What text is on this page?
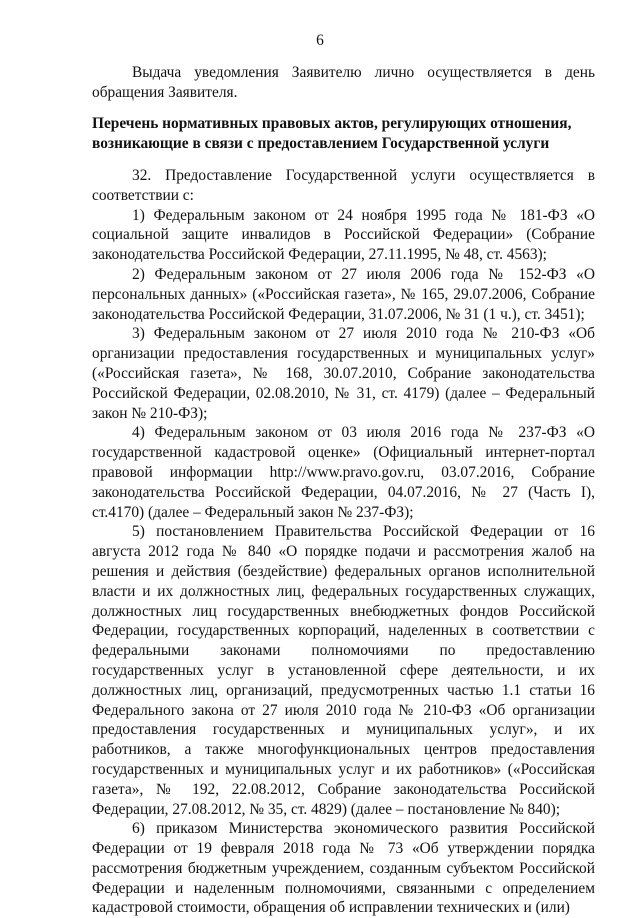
6

Выдача уведомления Заявителю лично осуществляется в день обращения Заявителя.

Перечень нормативных правовых актов, регулирующих отношения,

возникающие в связи с предоставлением Государственной услуги

32. Предоставление Государственной услуги осуществляется в соответствии с:

1) Федеральным законом от 24 ноября 1995 года № 181-ФЗ «О социальной защите инвалидов в Российской Федерации» (Собрание законодательства Российской Федерации, 27.11.1995, № 48, ст. 4563);

2) Федеральным законом от 27 июля 2006 года № 152-ФЗ «О персональных данных» («Российская газета», № 165, 29.07.2006, Собрание законодательства Российской Федерации, 31.07.2006, № 31 (1 ч.), ст. 3451);

3) Федеральным законом от 27 июля 2010 года № 210-ФЗ «Об организации предоставления государственных и муниципальных услуг» («Российская газета», № 168, 30.07.2010, Собрание законодательства Российской Федерации, 02.08.2010, № 31, ст. 4179) (далее – Федеральный закон № 210-ФЗ);

4) Федеральным законом от 03 июля 2016 года № 237-ФЗ «О государственной кадастровой оценке» (Официальный интернет-портал правовой информации http://www.pravo.gov.ru, 03.07.2016, Собрание законодательства Российской Федерации, 04.07.2016, № 27 (Часть I), ст.4170) (далее – Федеральный закон № 237-ФЗ);

5) постановлением Правительства Российской Федерации от 16 августа 2012 года № 840 «О порядке подачи и рассмотрения жалоб на решения и действия (бездействие) федеральных органов исполнительной власти и их должностных лиц, федеральных государственных служащих, должностных лиц государственных внебюджетных фондов Российской Федерации, государственных корпораций, наделенных в соответствии с федеральными законами полномочиями по предоставлению государственных услуг в установленной сфере деятельности, и их должностных лиц, организаций, предусмотренных частью 1.1 статьи 16 Федерального закона от 27 июля 2010 года № 210-ФЗ «Об организации предоставления государственных и муниципальных услуг», и их работников, а также многофункциональных центров предоставления государственных и муниципальных услуг и их работников» («Российская газета», № 192, 22.08.2012, Собрание законодательства Российской Федерации, 27.08.2012, № 35, ст. 4829) (далее – постановление № 840);

6) приказом Министерства экономического развития Российской Федерации от 19 февраля 2018 года № 73 «Об утверждении порядка рассмотрения бюджетным учреждением, созданным субъектом Российской Федерации и наделенным полномочиями, связанными с определением кадастровой стоимости, обращения об исправлении технических и (или)
